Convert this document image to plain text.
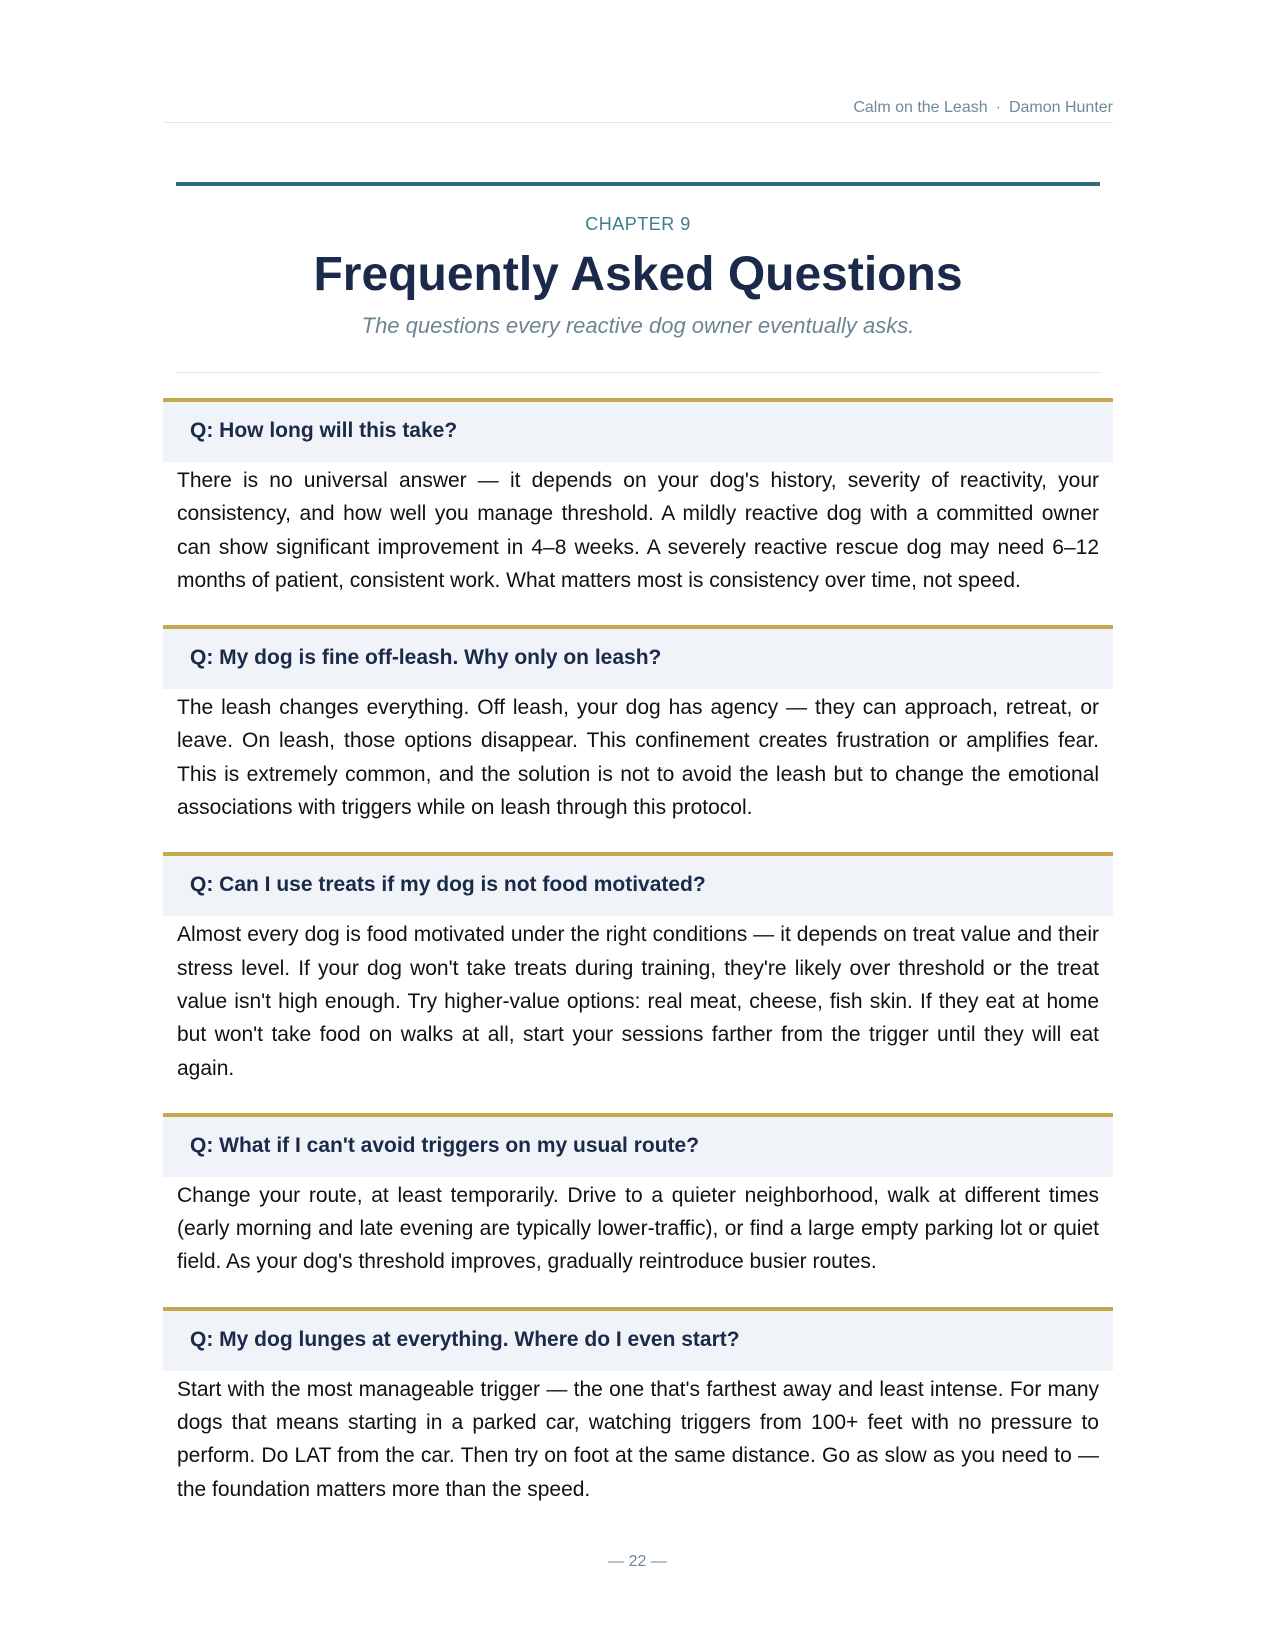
Calm on the Leash · Damon Hunter
CHAPTER 9
Frequently Asked Questions
The questions every reactive dog owner eventually asks.
Q: How long will this take?
There is no universal answer — it depends on your dog's history, severity of reactivity, your consistency, and how well you manage threshold. A mildly reactive dog with a committed owner can show significant improvement in 4–8 weeks. A severely reactive rescue dog may need 6–12 months of patient, consistent work. What matters most is consistency over time, not speed.
Q: My dog is fine off-leash. Why only on leash?
The leash changes everything. Off leash, your dog has agency — they can approach, retreat, or leave. On leash, those options disappear. This confinement creates frustration or amplifies fear. This is extremely common, and the solution is not to avoid the leash but to change the emotional associations with triggers while on leash through this protocol.
Q: Can I use treats if my dog is not food motivated?
Almost every dog is food motivated under the right conditions — it depends on treat value and their stress level. If your dog won't take treats during training, they're likely over threshold or the treat value isn't high enough. Try higher-value options: real meat, cheese, fish skin. If they eat at home but won't take food on walks at all, start your sessions farther from the trigger until they will eat again.
Q: What if I can't avoid triggers on my usual route?
Change your route, at least temporarily. Drive to a quieter neighborhood, walk at different times (early morning and late evening are typically lower-traffic), or find a large empty parking lot or quiet field. As your dog's threshold improves, gradually reintroduce busier routes.
Q: My dog lunges at everything. Where do I even start?
Start with the most manageable trigger — the one that's farthest away and least intense. For many dogs that means starting in a parked car, watching triggers from 100+ feet with no pressure to perform. Do LAT from the car. Then try on foot at the same distance. Go as slow as you need to — the foundation matters more than the speed.
— 22 —
